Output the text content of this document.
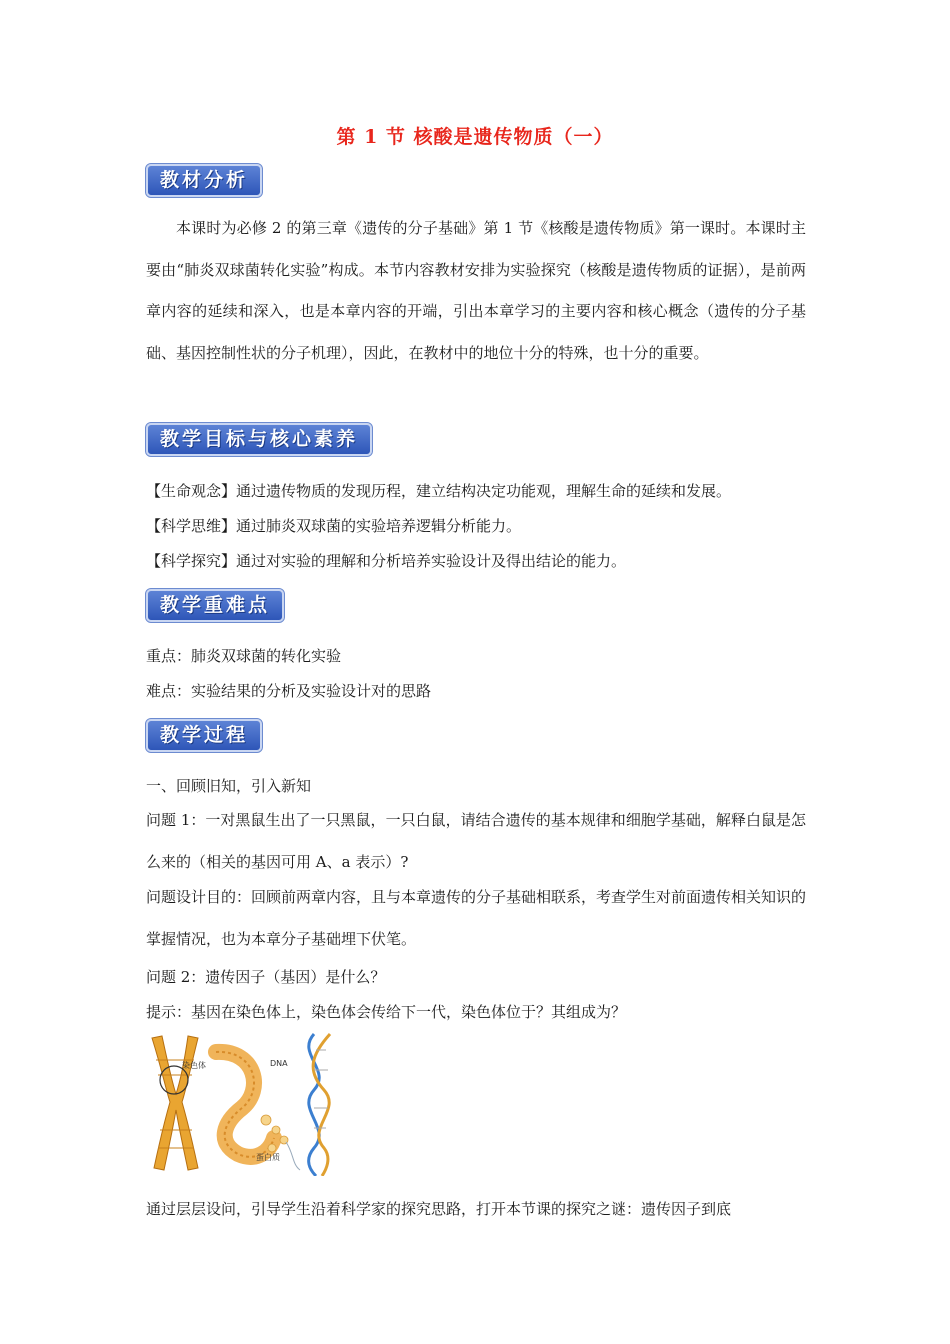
第 1 节 核酸是遗传物质（一）
教材分析

本课时为必修 2 的第三章《遗传的分子基础》第 1 节《核酸是遗传物质》第一课时。本课时主要由“肺炎双球菌转化实验”构成。本节内容教材安排为实验探究（核酸是遗传物质的证据），是前两章内容的延续和深入，也是本章内容的开端，引出本章学习的主要内容和核心概念（遗传的分子基础、基因控制性状的分子机理），因此，在教材中的地位十分的特殊，也十分的重要。

教学目标与核心素养

【生命观念】通过遗传物质的发现历程，建立结构决定功能观，理解生命的延续和发展。

【科学思维】通过肺炎双球菌的实验培养逻辑分析能力。

【科学探究】通过对实验的理解和分析培养实验设计及得出结论的能力。

教学重难点

重点：肺炎双球菌的转化实验

难点：实验结果的分析及实验设计对的思路

教学过程

一、回顾旧知，引入新知

问题 1：一对黑鼠生出了一只黑鼠，一只白鼠，请结合遗传的基本规律和细胞学基础，解释白鼠是怎么来的（相关的基因可用 A、a 表示）?

问题设计目的：回顾前两章内容，且与本章遗传的分子基础相联系，考查学生对前面遗传相关知识的掌握情况，也为本章分子基础埋下伏笔。

问题 2：遗传因子（基因）是什么？

提示：基因在染色体上，染色体会传给下一代，染色体位于？其组成为？

染色体	DNA
蛋白质

通过层层设问，引导学生沿着科学家的探究思路，打开本节课的探究之谜：遗传因子到底
